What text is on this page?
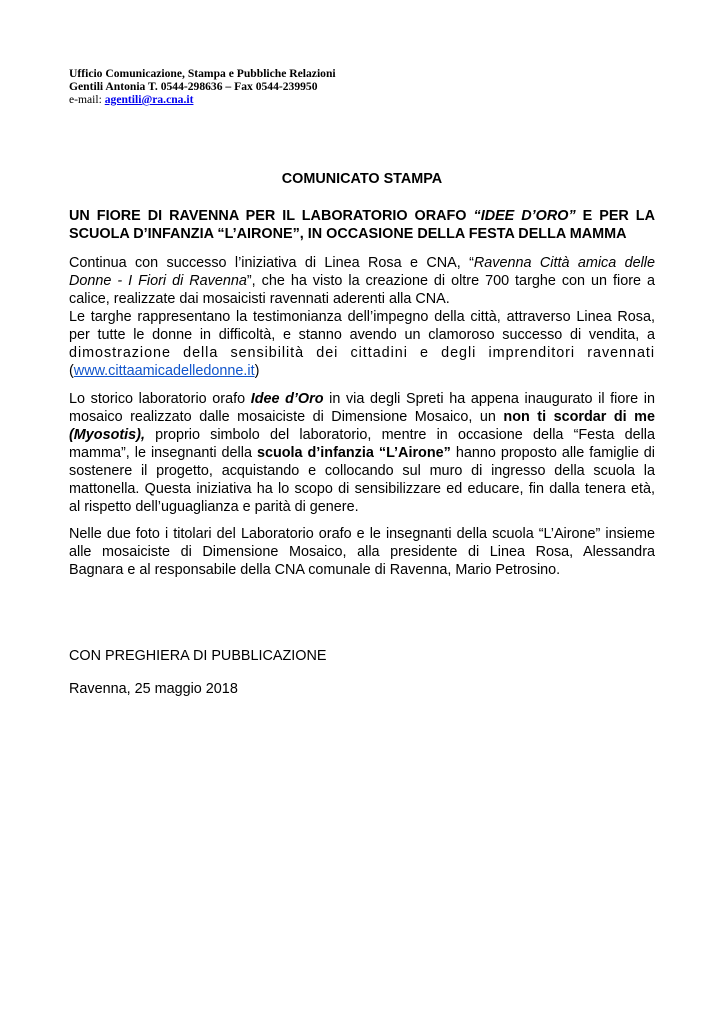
Ufficio Comunicazione, Stampa e Pubbliche Relazioni
Gentili Antonia T. 0544-298636 – Fax 0544-239950
e-mail: agentili@ra.cna.it
COMUNICATO STAMPA
UN FIORE DI RAVENNA PER IL LABORATORIO ORAFO “IDEE D’ORO” E PER LA SCUOLA D’INFANZIA “L’AIRONE”, IN OCCASIONE DELLA FESTA DELLA MAMMA
Continua con successo l’iniziativa di Linea Rosa e CNA, “Ravenna Città amica delle
Donne - I Fiori di Ravenna”, che ha visto la creazione di oltre 700 targhe con un fiore a
calice, realizzate dai mosaicisti ravennati aderenti alla CNA.
Le targhe rappresentano la testimonianza dell’impegno della città, attraverso Linea Rosa,
per tutte le donne in difficoltà, e stanno avendo un clamoroso successo di vendita, a
dimostrazione della sensibilità dei cittadini e degli imprenditori ravennati
(www.cittaamicadelledonne.it)
Lo storico laboratorio orafo Idee d’Oro in via degli Spreti ha appena inaugurato il fiore in
mosaico realizzato dalle mosaiciste di Dimensione Mosaico, un non ti scordar di me
(Myosotis), proprio simbolo del laboratorio, mentre in occasione della “Festa della
mamma”, le insegnanti della scuola d’infanzia “L’Airone” hanno proposto alle famiglie di
sostenere il progetto, acquistando e collocando sul muro di ingresso della scuola la
mattonella. Questa iniziativa ha lo scopo di sensibilizzare ed educare, fin dalla tenera età,
al rispetto dell’uguaglianza e parità di genere.
Nelle due foto i titolari del Laboratorio orafo e le insegnanti della scuola “L’Airone” insieme
alle mosaiciste di Dimensione Mosaico, alla presidente di Linea Rosa, Alessandra
Bagnara e al responsabile della CNA comunale di Ravenna, Mario Petrosino.
CON PREGHIERA DI PUBBLICAZIONE
Ravenna, 25 maggio 2018
